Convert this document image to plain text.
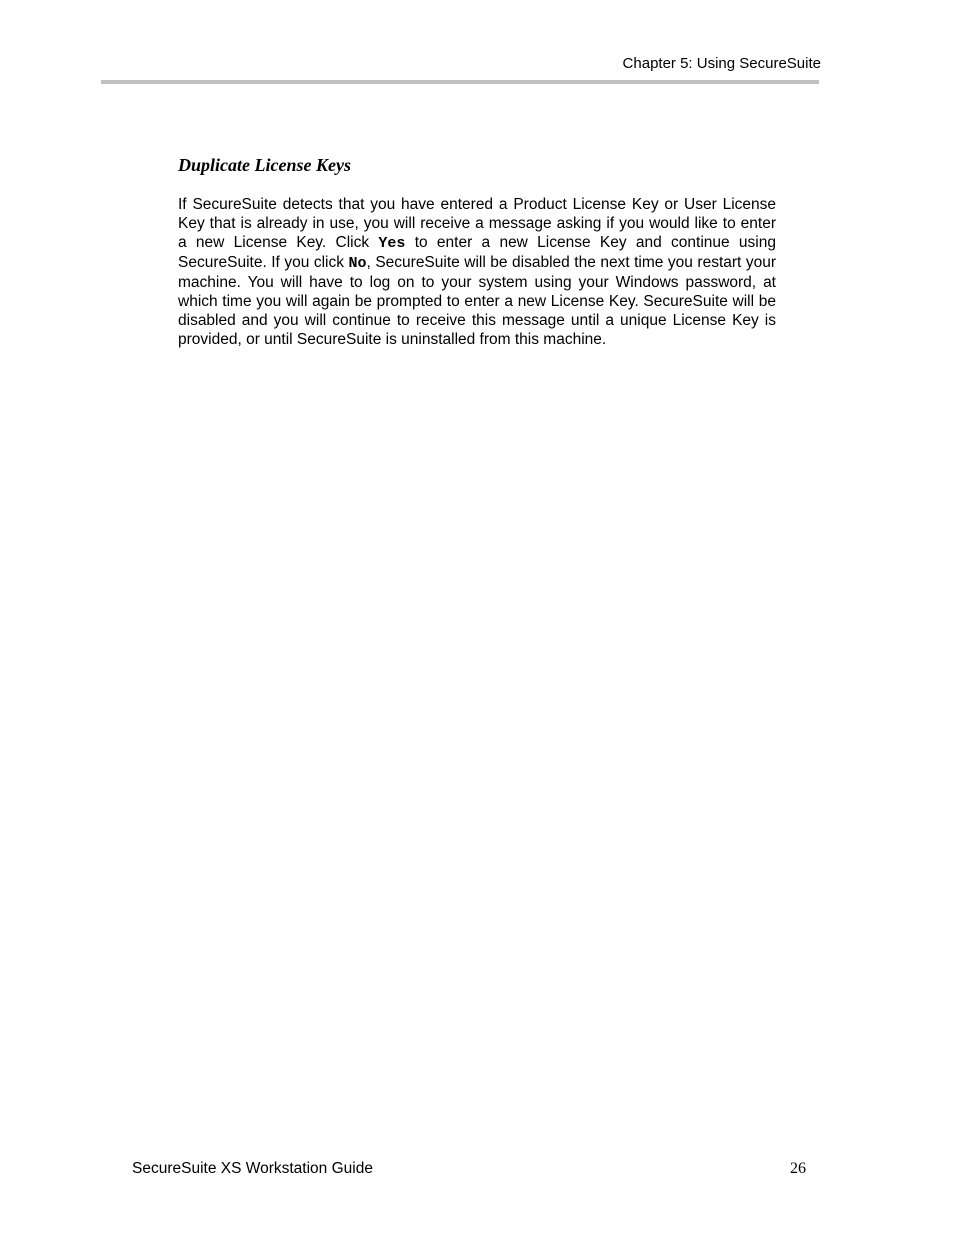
Chapter 5: Using SecureSuite
Duplicate License Keys

If SecureSuite detects that you have entered a Product License Key or User License Key that is already in use, you will receive a message asking if you would like to enter a new License Key. Click Yes to enter a new License Key and continue using SecureSuite. If you click No, SecureSuite will be disabled the next time you restart your machine. You will have to log on to your system using your Windows password, at which time you will again be prompted to enter a new License Key. SecureSuite will be disabled and you will continue to receive this message until a unique License Key is provided, or until SecureSuite is uninstalled from this machine.

SecureSuite XS Workstation Guide	26
